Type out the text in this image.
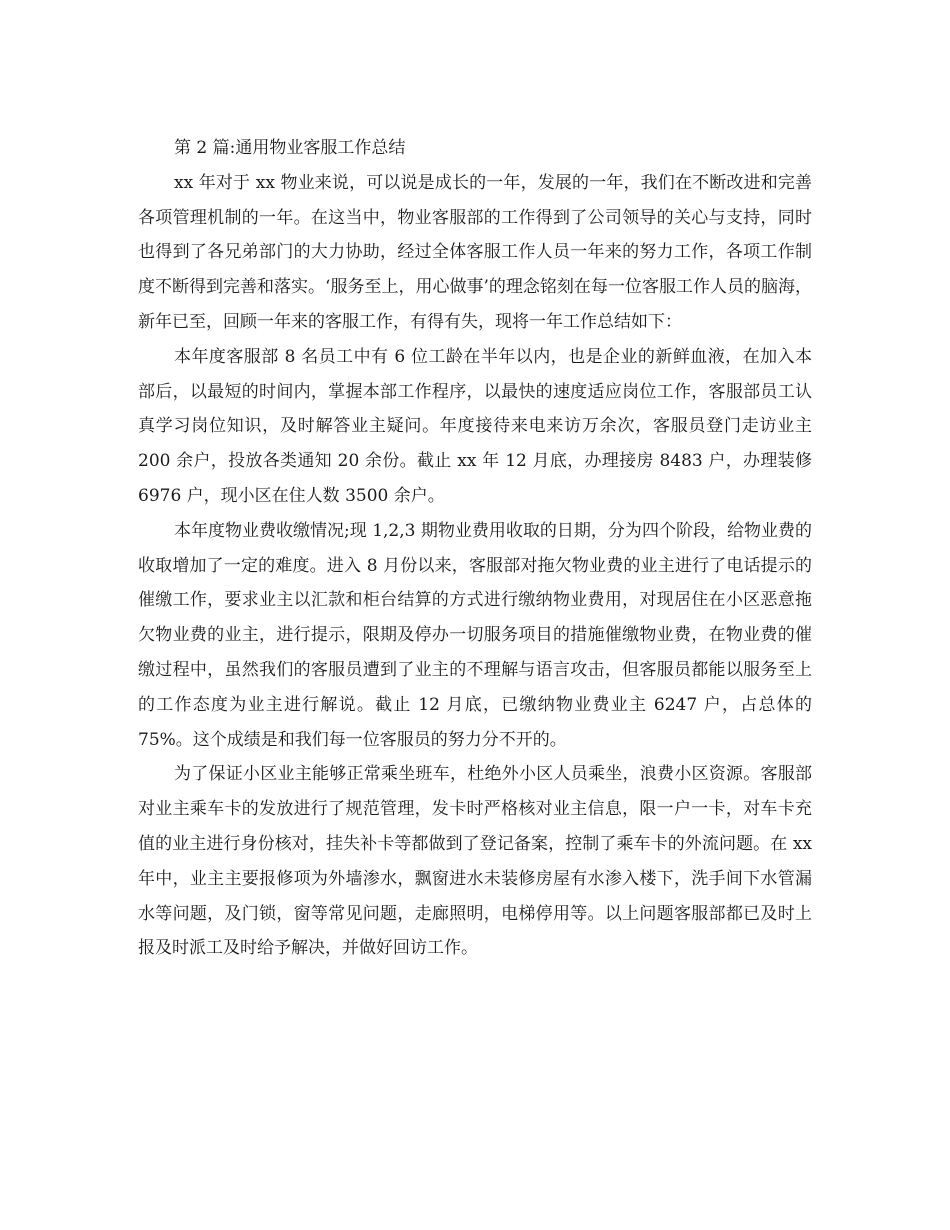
第 2 篇:通用物业客服工作总结

xx 年对于 xx 物业来说，可以说是成长的一年，发展的一年，我们在不断改进和完善各项管理机制的一年。在这当中，物业客服部的工作得到了公司领导的关心与支持，同时也得到了各兄弟部门的大力协助，经过全体客服工作人员一年来的努力工作，各项工作制度不断得到完善和落实。‘服务至上，用心做事’的理念铭刻在每一位客服工作人员的脑海，新年已至，回顾一年来的客服工作，有得有失，现将一年工作总结如下：

本年度客服部 8 名员工中有 6 位工龄在半年以内，也是企业的新鲜血液，在加入本部后，以最短的时间内，掌握本部工作程序，以最快的速度适应岗位工作，客服部员工认真学习岗位知识，及时解答业主疑问。年度接待来电来访万余次，客服员登门走访业主 200 余户，投放各类通知 20 余份。截止 xx 年 12 月底，办理接房 8483 户，办理装修 6976 户，现小区在住人数 3500 余户。

本年度物业费收缴情况;现 1,2,3 期物业费用收取的日期，分为四个阶段，给物业费的收取增加了一定的难度。进入 8 月份以来，客服部对拖欠物业费的业主进行了电话提示的催缴工作，要求业主以汇款和柜台结算的方式进行缴纳物业费用，对现居住在小区恶意拖欠物业费的业主，进行提示，限期及停办一切服务项目的措施催缴物业费，在物业费的催缴过程中，虽然我们的客服员遭到了业主的不理解与语言攻击，但客服员都能以服务至上的工作态度为业主进行解说。截止 12 月底，已缴纳物业费业主 6247 户，占总体的 75%。这个成绩是和我们每一位客服员的努力分不开的。

为了保证小区业主能够正常乘坐班车，杜绝外小区人员乘坐，浪费小区资源。客服部对业主乘车卡的发放进行了规范管理，发卡时严格核对业主信息，限一户一卡，对车卡充值的业主进行身份核对，挂失补卡等都做到了登记备案，控制了乘车卡的外流问题。在 xx 年中，业主主要报修项为外墙渗水，飘窗进水未装修房屋有水渗入楼下，洗手间下水管漏水等问题，及门锁，窗等常见问题，走廊照明，电梯停用等。以上问题客服部都已及时上报及时派工及时给予解决，并做好回访工作。
